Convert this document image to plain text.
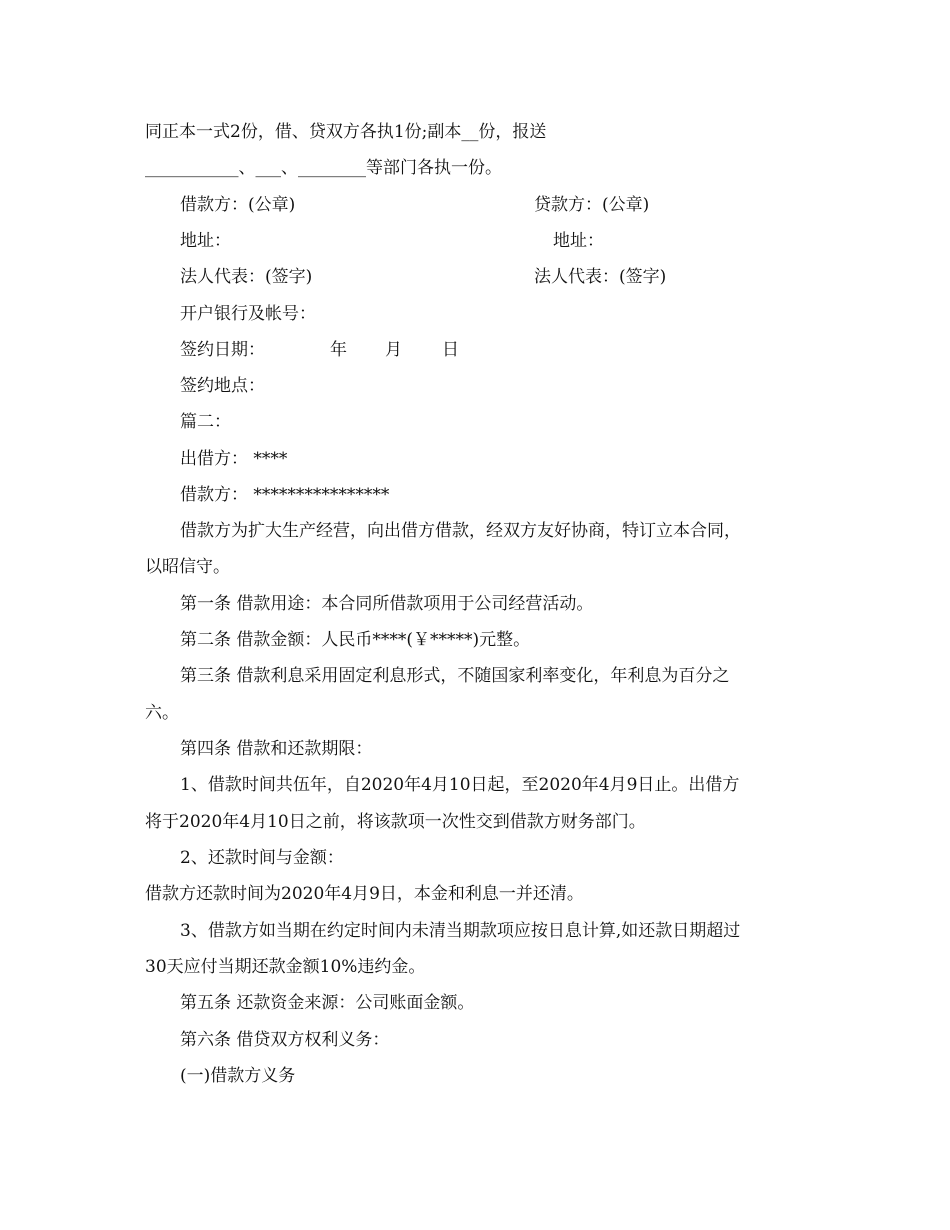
同正本一式2份，借、贷双方各执1份;副本__份，报送
___________、___、________等部门各执一份。
借款方：(公章)	贷款方：(公章)
地址：	地址：
法人代表：(签字)	法人代表：(签字)
开户银行及帐号：
签约日期：	年 月 日
签约地点：
篇二：
出借方： ****
借款方： ****************
借款方为扩大生产经营，向出借方借款，经双方友好协商，特订立本合同，
以昭信守。
第一条 借款用途：本合同所借款项用于公司经营活动。
第二条 借款金额：人民币****(￥*****)元整。
第三条 借款利息采用固定利息形式，不随国家利率变化，年利息为百分之
六。
第四条 借款和还款期限：
1、借款时间共伍年，自2020年4月10日起，至2020年4月9日止。出借方
将于2020年4月10日之前，将该款项一次性交到借款方财务部门。
2、还款时间与金额：
借款方还款时间为2020年4月9日，本金和利息一并还清。
3、借款方如当期在约定时间内未清当期款项应按日息计算,如还款日期超过
30天应付当期还款金额10%违约金。
第五条 还款资金来源：公司账面金额。
第六条 借贷双方权利义务：
(一)借款方义务
